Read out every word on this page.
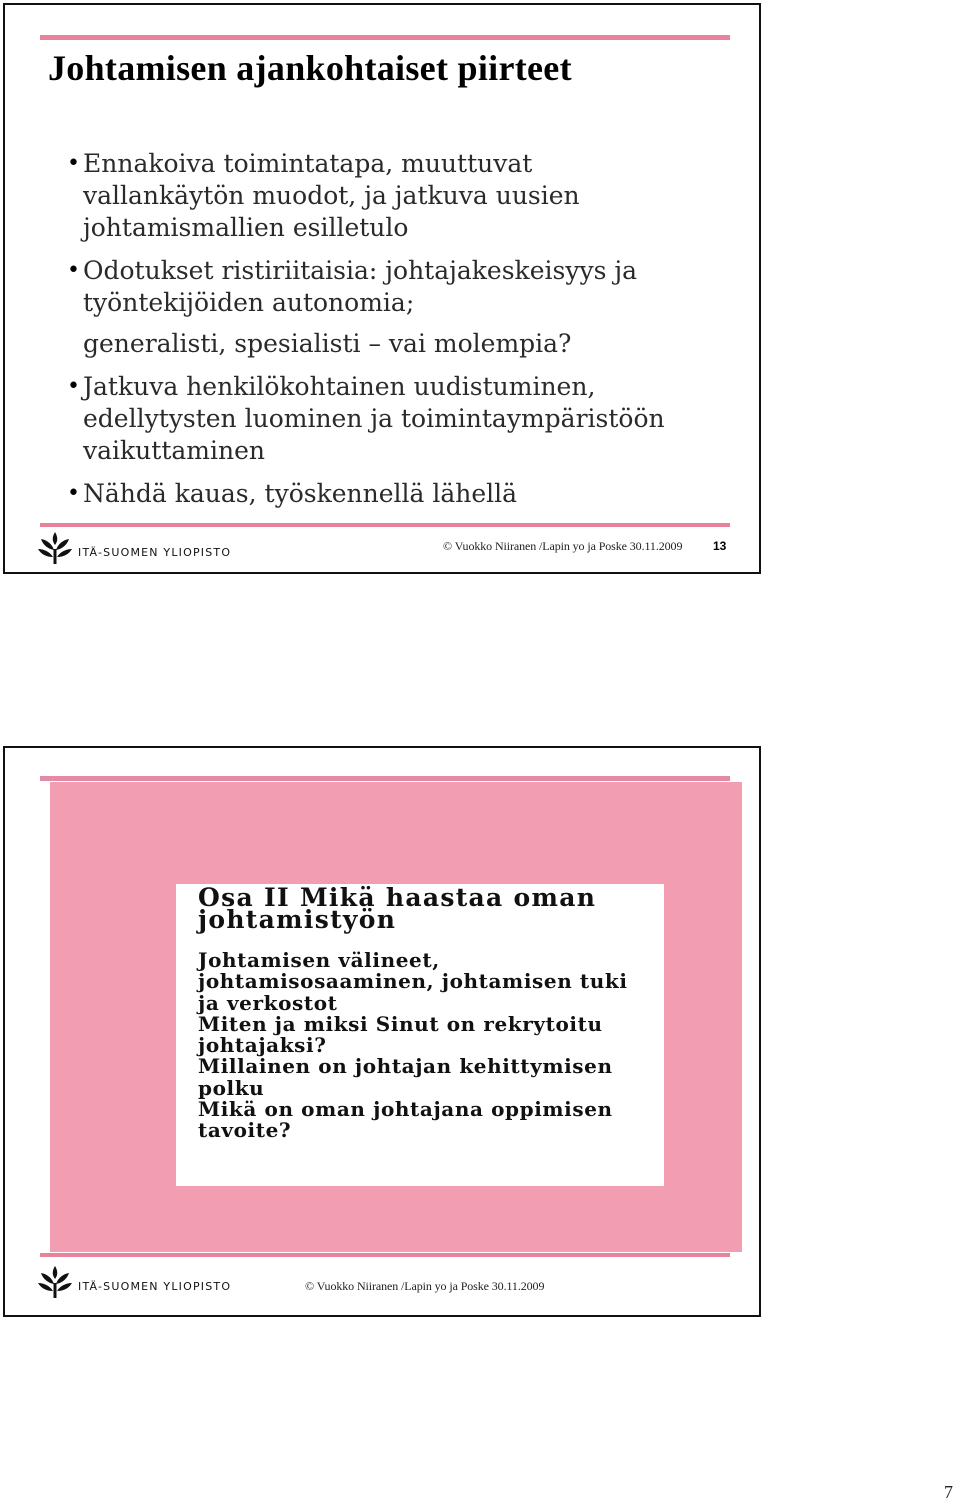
Johtamisen ajankohtaiset piirteet
• Ennakoiva toimintatapa, muuttuvat
vallankäytön muodot, ja jatkuva uusien
johtamismallien esilletulo
• Odotukset ristiriitaisia: johtajakeskeisyys ja
työntekijöiden autonomia;
generalisti, spesialisti – vai molempia?
• Jatkuva henkilökohtainen uudistuminen,
edellytysten luominen ja toimintaympäristöön
vaikuttaminen
• Nähdä kauas, työskennellä lähellä
ITÄ-SUOMEN YLIOPISTO	© Vuokko Niiranen /Lapin yo ja Poske 30.11.2009	13

Osa II Mikä haastaa oman
johtamistyön

Johtamisen välineet,

johtamisosaaminen, johtamisen tuki

ja verkostot

Miten ja miksi Sinut on rekrytoitu

johtajaksi?

Millainen on johtajan kehittymisen

polku

Mikä on oman johtajana oppimisen

tavoite?

ITÄ-SUOMEN YLIOPISTO	© Vuokko Niiranen /Lapin yo ja Poske 30.11.2009
7
